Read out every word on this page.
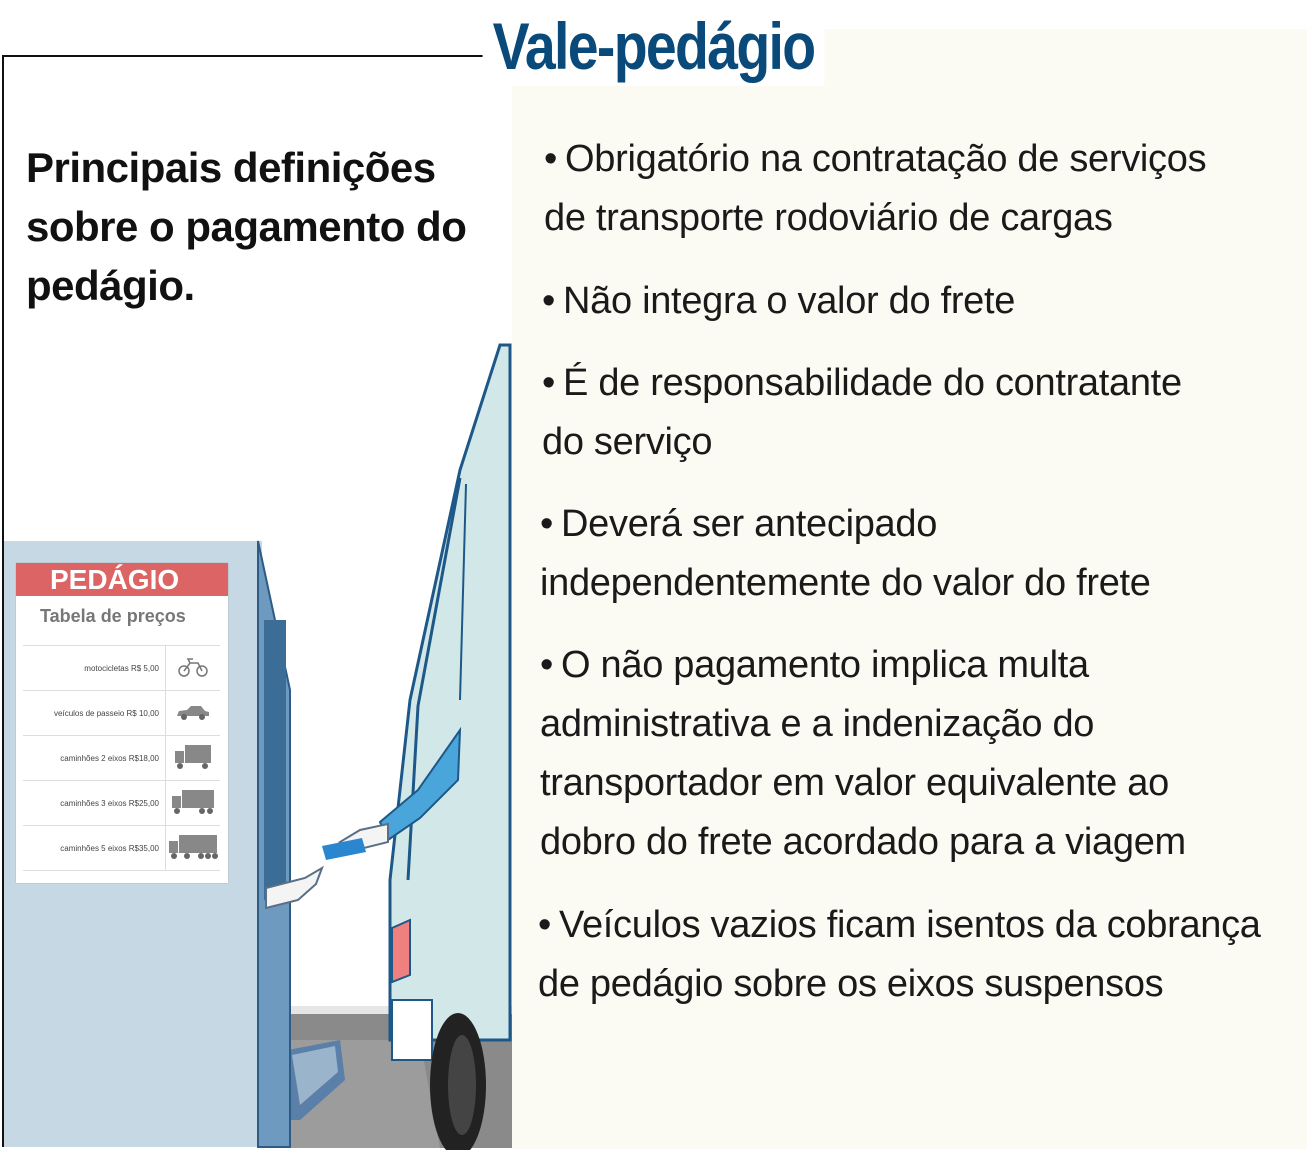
Vale-pedágio

Principais definições sobre o pagamento do pedágio.

• Obrigatório na contratação de serviços
de transporte rodoviário de cargas
• Não integra o valor do frete
• É de responsabilidade do contratante
do serviço
• Deverá ser antecipado
independentemente do valor do frete
• O não pagamento implica multa
administrativa e a indenização do
transportador em valor equivalente ao
dobro do frete acordado para a viagem
• Veículos vazios ficam isentos da cobrança
de pedágio sobre os eixos suspensos
PEDÁGIO
Tabela de preços
motocicletas R$ 5,00	
veículos de passeio R$ 10,00	
caminhões 2 eixos R$18,00	
caminhões 3 eixos R$25,00	
caminhões 5 eixos R$35,00	
